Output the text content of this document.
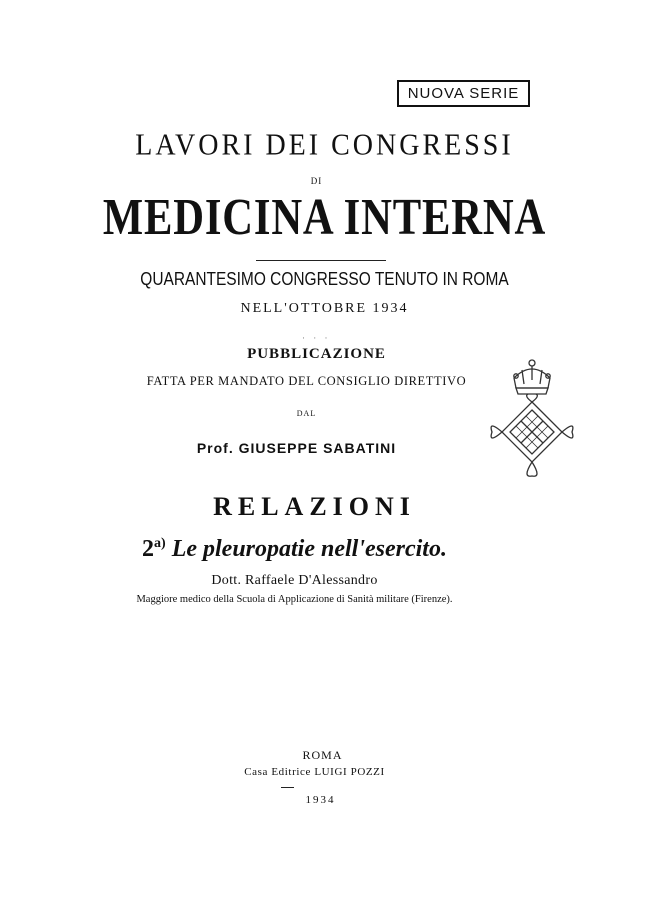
NUOVA SERIE
LAVORI DEI CONGRESSI
DI
MEDICINA INTERNA
QUARANTESIMO CONGRESSO TENUTO IN ROMA
NELL'OTTOBRE 1934
· · ·
PUBBLICAZIONE
FATTA PER MANDATO DEL CONSIGLIO DIRETTIVO
DAL
Prof. GIUSEPPE SABATINI
RELAZIONI
2$^{a)}$ Le pleuropatie nell'esercito.
Dott. Raffaele D'Alessandro
Maggiore medico della Scuola di Applicazione di Sanità militare (Firenze).
ROMA
Casa Editrice LUIGI POZZI
1934
